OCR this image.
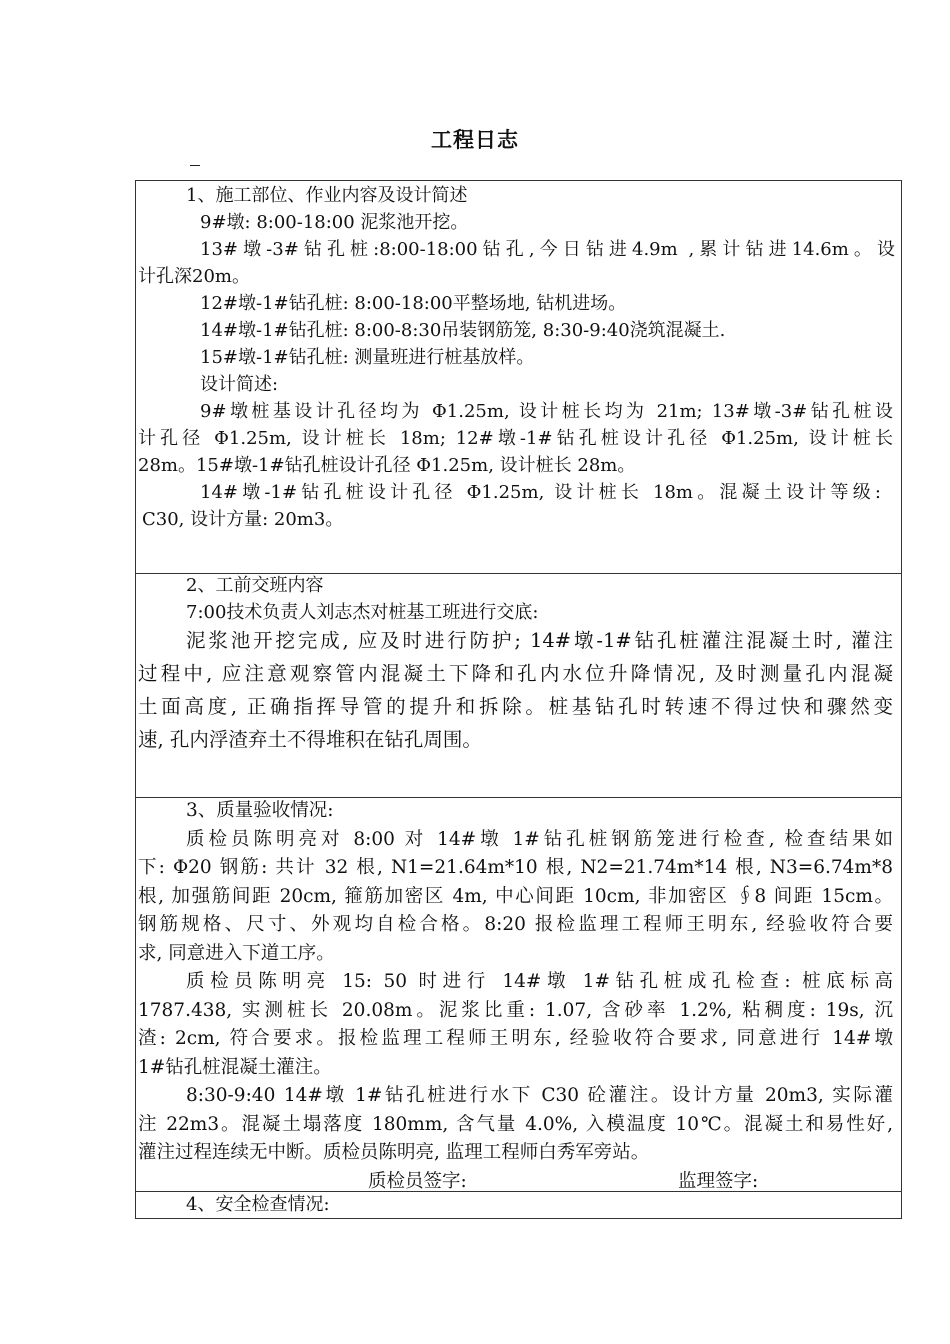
工程日志

1、施工部位、作业内容及设计简述

9#墩: 8:00-18:00 泥浆池开挖。

13#墩-3#钻孔桩:8:00-18:00钻孔,今日钻进4.9m ,累计钻进14.6m。设

计孔深20m。

12#墩-1#钻孔桩: 8:00-18:00平整场地, 钻机进场。

14#墩-1#钻孔桩: 8:00-8:30吊装钢筋笼, 8:30-9:40浇筑混凝土.

15#墩-1#钻孔桩: 测量班进行桩基放样。

设计简述:

9#墩桩基设计孔径均为 Φ1.25m, 设计桩长均为 21m; 13#墩-3#钻孔桩设

计孔径 Φ1.25m, 设计桩长 18m; 12#墩-1#钻孔桩设计孔径 Φ1.25m, 设计桩长

28m。15#墩-1#钻孔桩设计孔径 Φ1.25m, 设计桩长 28m。

14#墩-1#钻孔桩设计孔径 Φ1.25m, 设计桩长 18m。混凝土设计等级:

C30, 设计方量: 20m3。

2、工前交班内容

7:00技术负责人刘志杰对桩基工班进行交底:

泥浆池开挖完成, 应及时进行防护; 14#墩-1#钻孔桩灌注混凝土时, 灌注

过程中, 应注意观察管内混凝土下降和孔内水位升降情况, 及时测量孔内混凝

土面高度, 正确指挥导管的提升和拆除。桩基钻孔时转速不得过快和骤然变

速, 孔内浮渣弃土不得堆积在钻孔周围。

3、质量验收情况:

质检员陈明亮对 8:00 对 14#墩 1#钻孔桩钢筋笼进行检查, 检查结果如

下: Φ20 钢筋: 共计 32 根, N1=21.64m*10 根, N2=21.74m*14 根, N3=6.74m*8

根, 加强筋间距 20cm, 箍筋加密区 4m, 中心间距 10cm, 非加密区 ∮8 间距 15cm。

钢筋规格、尺寸、外观均自检合格。8:20 报检监理工程师王明东, 经验收符合要

求, 同意进入下道工序。

质检员陈明亮 15: 50 时进行 14#墩 1#钻孔桩成孔检查: 桩底标高

1787.438, 实测桩长 20.08m。泥浆比重: 1.07, 含砂率 1.2%, 粘稠度: 19s, 沉

渣: 2cm, 符合要求。报检监理工程师王明东, 经验收符合要求, 同意进行 14#墩

1#钻孔桩混凝土灌注。

8:30-9:40 14#墩 1#钻孔桩进行水下 C30 砼灌注。设计方量 20m3, 实际灌

注 22m3。混凝土塌落度 180mm, 含气量 4.0%, 入模温度 10℃。混凝土和易性好,

灌注过程连续无中断。质检员陈明亮, 监理工程师白秀军旁站。

质检员签字:	监理签字:

4、安全检查情况:
